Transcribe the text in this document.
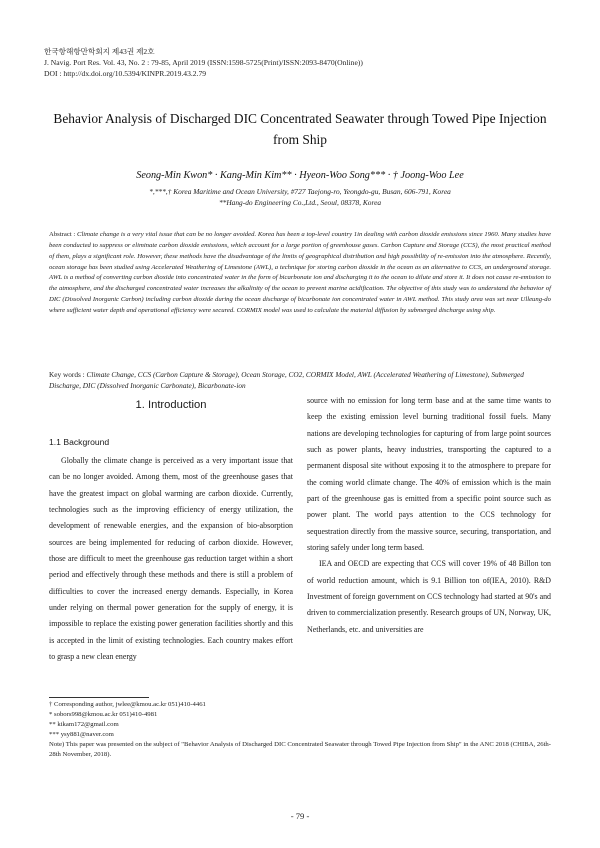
한국항해항만학회지 제43권 제2호
J. Navig. Port Res. Vol. 43, No. 2 : 79-85, April 2019 (ISSN:1598-5725(Print)/ISSN:2093-8470(Online))
DOI : http://dx.doi.org/10.5394/KINPR.2019.43.2.79
Behavior Analysis of Discharged DIC Concentrated Seawater through Towed Pipe Injection from Ship
Seong-Min Kwon* · Kang-Min Kim** · Hyeon-Woo Song*** · † Joong-Woo Lee
*,***,† Korea Maritime and Ocean University, #727 Taejong-ro, Yeongdo-gu, Busan, 606-791, Korea
**Hang-do Engineering Co.,Ltd., Seoul, 08378, Korea
Abstract : Climate change is a very vital issue that can be no longer avoided. Korea has been a top-level country 1in dealing with carbon dioxide emissions since 1960. Many studies have been conducted to suppress or eliminate carbon dioxide emissions, which account for a large portion of greenhouse gases. Carbon Capture and Storage (CCS), the most practical method of them, plays a significant role. However, these methods have the disadvantage of the limits of geographical distribution and high possibility of re-emission into the atmosphere. Recently, ocean storage has been studied using Accelerated Weathering of Limestone (AWL), a technique for storing carbon dioxide in the ocean as an alternative to CCS, an underground storage. AWL is a method of converting carbon dioxide into concentrated water in the form of bicarbonate ion and discharging it to the ocean to dilute and store it. It does not cause re-emission to the atmosphere, and the discharged concentrated water increases the alkalinity of the ocean to prevent marine acidification. The objective of this study was to understand the behavior of DIC (Dissolved Inorganic Carbon) including carbon dioxide during the ocean discharge of bicarbonate ion concentrated water in AWL method. This study area was set near Ulleung-do where sufficient water depth and operational efficiency were secured. CORMIX model was used to calculate the material diffusion by submerged discharge using ship.
Key words : Climate Change, CCS (Carbon Capture & Storage), Ocean Storage, CO2, CORMIX Model, AWL (Accelerated Weathering of Limestone), Submerged Discharge, DIC (Dissolved Inorganic Carbonate), Bicarbonate-ion
1. Introduction
1.1 Background
Globally the climate change is perceived as a very important issue that can be no longer avoided. Among them, most of the greenhouse gases that have the greatest impact on global warming are carbon dioxide. Currently, technologies such as the improving efficiency of energy utilization, the development of renewable energies, and the expansion of bio-absorption sources are being implemented for reducing of carbon dioxide. However, those are difficult to meet the greenhouse gas reduction target within a short period and effectively through these methods and there is still a problem of difficulties to cover the increased energy demands. Especially, in Korea under relying on thermal power generation for the supply of energy, it is impossible to replace the existing power generation facilities shortly and this is accepted in the limit of existing technologies. Each country makes effort to grasp a new clean energy
source with no emission for long term base and at the same time wants to keep the existing emission level burning traditional fossil fuels. Many nations are developing technologies for capturing of from large point sources such as power plants, heavy industries, transporting the captured to a permanent disposal site without exposing it to the atmosphere to prepare for the coming world climate change. The 40% of emission which is the main part of the greenhouse gas is emitted from a specific point source such as power plant. The world pays attention to the CCS technology for sequestration directly from the massive source, securing, transportation, and storing safely under long term based.
IEA and OECD are expecting that CCS will cover 19% of 48 Billon ton of world reduction amount, which is 9.1 Billion ton of(IEA, 2010). R&D Investment of foreign government on CCS technology had started at 90's and driven to commercialization presently. Research groups of UN, Norway, UK, Netherlands, etc. and universities are
† Corresponding author, jwlee@kmou.ac.kr 051)410-4461
* sobors998@kmou.ac.kr 051)410-4981
** kikam172@gmail.com
*** ysy881@naver.com
Note) This paper was presented on the subject of "Behavior Analysis of Discharged DIC Concentrated Seawater through Towed Pipe Injection from Ship" in the ANC 2018 (CHIBA, 26th-28th November, 2018).
- 79 -
